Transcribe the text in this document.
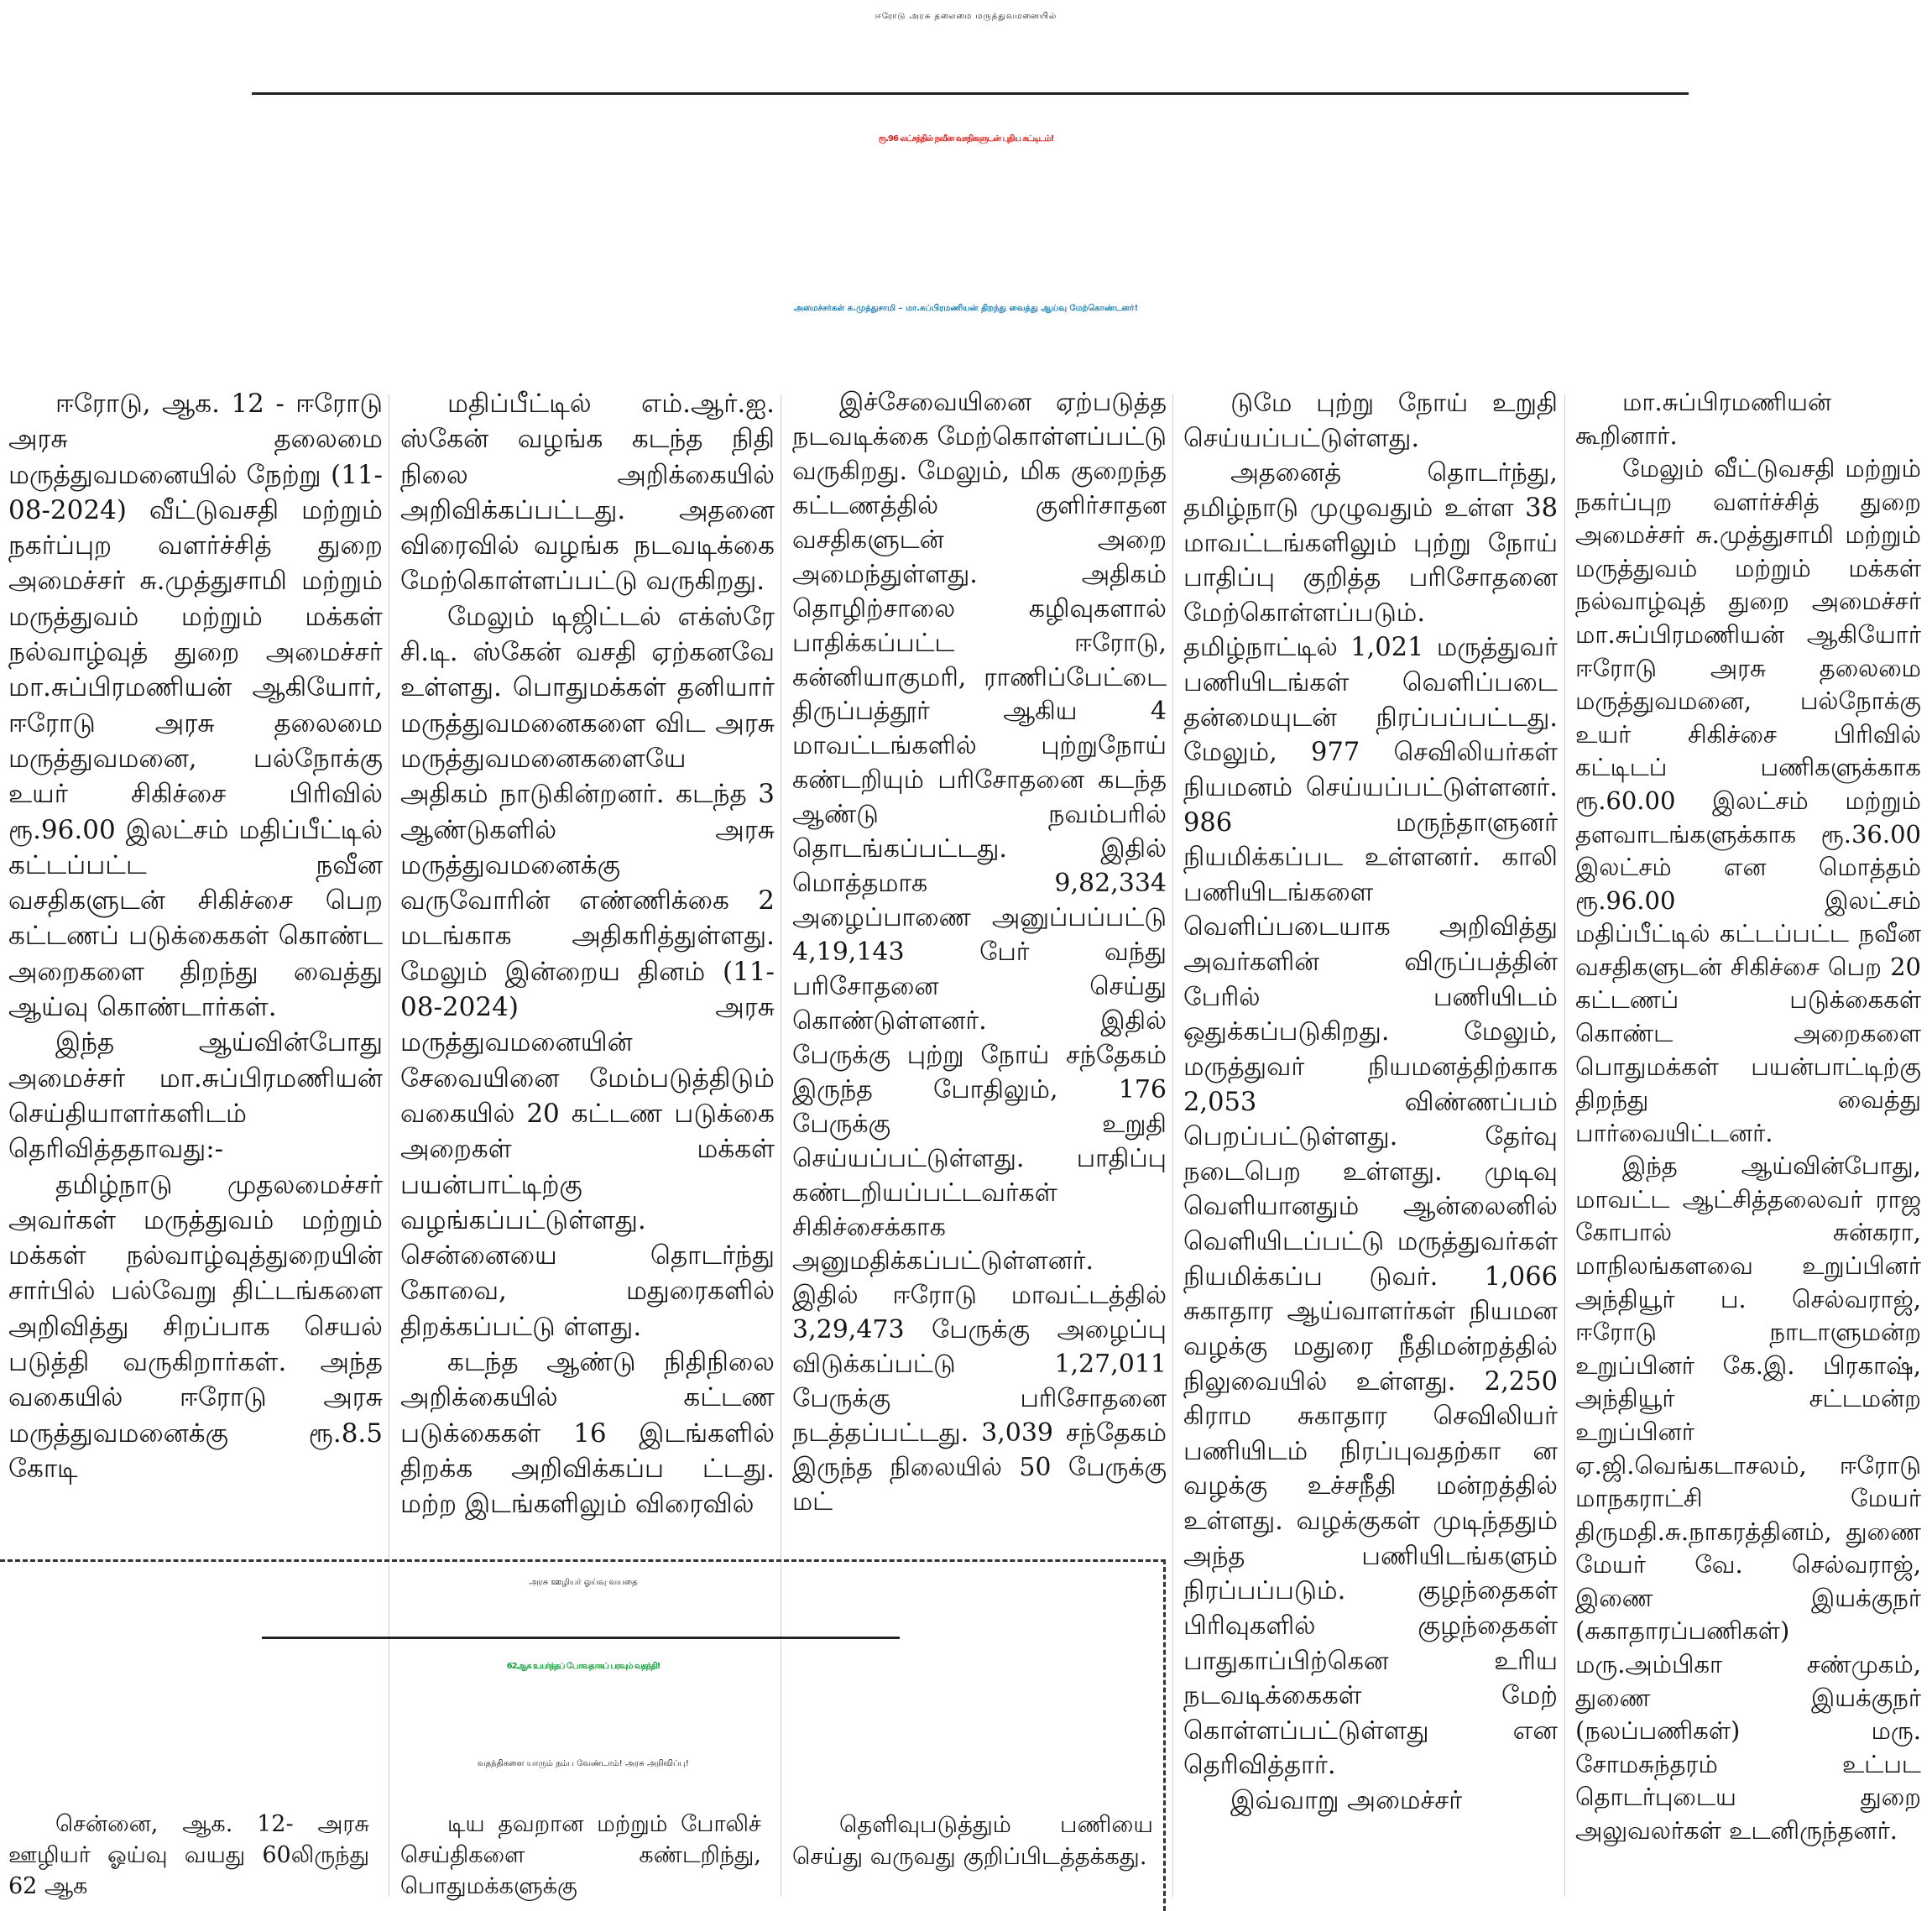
ஈரோடு அரசு தலைமை மருத்துவமனையில்
ரூ.96 லட்சத்தில் நவீன வசதிகளுடன் புதிய கட்டிடம்!
அமைச்சர்கள் சு.முத்துசாமி – மா.சுப்பிரமணியன் திறந்து வைத்து ஆய்வு மேற்கொண்டனர்!

ஈரோடு, ஆக. 12 - ஈரோடு அரசு தலைமை மருத்துவமனையில் நேற்று (11-08-2024) வீட்டுவசதி மற்றும் நகர்ப்புற வளர்ச்சித் துறை அமைச்சர் சு.முத்துசாமி மற்றும் மருத்துவம் மற்றும் மக்கள் நல்வாழ்வுத் துறை அமைச்சர் மா.சுப்பிரமணியன் ஆகியோர், ஈரோடு அரசு தலைமை மருத்துவமனை, பல்நோக்கு உயர் சிகிச்சை பிரிவில் ரூ.96.00 இலட்சம் மதிப்பீட்டில் கட்டப்பட்ட நவீன வசதிகளுடன் சிகிச்சை பெற கட்டணப் படுக்கைகள் கொண்ட அறைகளை திறந்து வைத்து ஆய்வு கொண்டார்கள்.

இந்த ஆய்வின்போது அமைச்சர் மா.சுப்பிரமணியன் செய்தியாளர்களிடம் தெரிவித்ததாவது:-

தமிழ்நாடு முதலமைச்சர் அவர்கள் மருத்துவம் மற்றும் மக்கள் நல்வாழ்வுத்துறையின் சார்பில் பல்வேறு திட்டங்களை அறிவித்து சிறப்பாக செயல் படுத்தி வருகிறார்கள். அந்த வகையில் ஈரோடு அரசு மருத்துவமனைக்கு ரூ.8.5 கோடி

மதிப்பீட்டில் எம்.ஆர்.ஐ. ஸ்கேன் வழங்க கடந்த நிதி நிலை அறிக்கையில் அறிவிக்கப்பட்டது. அதனை விரைவில் வழங்க நடவடிக்கை மேற்கொள்ளப்பட்டு வருகிறது.

மேலும் டிஜிட்டல் எக்ஸ்ரே சி.டி. ஸ்கேன் வசதி ஏற்கனவே உள்ளது. பொதுமக்கள் தனியார் மருத்துவமனைகளை விட அரசு மருத்துவமனைகளையே அதிகம் நாடுகின்றனர். கடந்த 3 ஆண்டுகளில் அரசு மருத்துவமனைக்கு வருவோரின் எண்ணிக்கை 2 மடங்காக அதிகரித்துள்ளது. மேலும் இன்றைய தினம் (11-08-2024) அரசு மருத்துவமனையின் சேவையினை மேம்படுத்திடும் வகையில் 20 கட்டண படுக்கை அறைகள் மக்கள் பயன்பாட்டிற்கு வழங்கப்பட்டுள்ளது. சென்னையை தொடர்ந்து கோவை, மதுரைகளில் திறக்கப்பட்டு ள்ளது.

கடந்த ஆண்டு நிதிநிலை அறிக்கையில் கட்டண படுக்கைகள் 16 இடங்களில் திறக்க அறிவிக்கப்ப ட்டது. மற்ற இடங்களிலும் விரைவில்

இச்சேவையினை ஏற்படுத்த நடவடிக்கை மேற்கொள்ளப்பட்டு வருகிறது. மேலும், மிக குறைந்த கட்டணத்தில் குளிர்சாதன வசதிகளுடன் அறை அமைந்துள்ளது. அதிகம் தொழிற்சாலை கழிவுகளால் பாதிக்கப்பட்ட ஈரோடு, கன்னியாகுமரி, ராணிப்பேட்டை திருப்பத்தூர் ஆகிய 4 மாவட்டங்களில் புற்றுநோய் கண்டறியும் பரிசோதனை கடந்த ஆண்டு நவம்பரில் தொடங்கப்பட்டது. இதில் மொத்தமாக 9,82,334 அழைப்பாணை அனுப்பப்பட்டு 4,19,143 பேர் வந்து பரிசோதனை செய்து கொண்டுள்ளனர். இதில் பேருக்கு புற்று நோய் சந்தேகம் இருந்த போதிலும், 176 பேருக்கு உறுதி செய்யப்பட்டுள்ளது. பாதிப்பு கண்டறியப்பட்டவர்கள் சிகிச்சைக்காக அனுமதிக்கப்பட்டுள்ளனர். இதில் ஈரோடு மாவட்டத்தில் 3,29,473 பேருக்கு அழைப்பு விடுக்கப்பட்டு 1,27,011 பேருக்கு பரிசோதனை நடத்தப்பட்டது. 3,039 சந்தேகம் இருந்த நிலையில் 50 பேருக்கு மட்

டுமே புற்று நோய் உறுதி செய்யப்பட்டுள்ளது.

அதனைத் தொடர்ந்து, தமிழ்நாடு முழுவதும் உள்ள 38 மாவட்டங்களிலும் புற்று நோய் பாதிப்பு குறித்த பரிசோதனை மேற்கொள்ளப்படும். தமிழ்நாட்டில் 1,021 மருத்துவர் பணியிடங்கள் வெளிப்படை தன்மையுடன் நிரப்பப்பட்டது. மேலும், 977 செவிலியர்கள் நியமனம் செய்யப்பட்டுள்ளனர். 986 மருந்தாளுனர் நியமிக்கப்பட உள்ளனர். காலி பணியிடங்களை வெளிப்படையாக அறிவித்து அவர்களின் விருப்பத்தின் பேரில் பணியிடம் ஒதுக்கப்படுகிறது. மேலும், மருத்துவர் நியமனத்திற்காக 2,053 விண்ணப்பம் பெறப்பட்டுள்ளது. தேர்வு நடைபெற உள்ளது. முடிவு வெளியானதும் ஆன்லைனில் வெளியிடப்பட்டு மருத்துவர்கள் நியமிக்கப்ப டுவர். 1,066 சுகாதார ஆய்வாளர்கள் நியமன வழக்கு மதுரை நீதிமன்றத்தில் நிலுவையில் உள்ளது. 2,250 கிராம சுகாதார செவிலியர் பணியிடம் நிரப்புவதற்கா ன வழக்கு உச்சநீதி மன்றத்தில் உள்ளது. வழக்குகள் முடிந்ததும் அந்த பணியிடங்களும் நிரப்பப்படும். குழந்தைகள் பிரிவுகளில் குழந்தைகள் பாதுகாப்பிற்கென உரிய நடவடிக்கைகள் மேற் கொள்ளப்பட்டுள்ளது என தெரிவித்தார்.

இவ்வாறு அமைச்சர்

மா.சுப்பிரமணியன் கூறினார்.

மேலும் வீட்டுவசதி மற்றும் நகர்ப்புற வளர்ச்சித் துறை அமைச்சர் சு.முத்துசாமி மற்றும் மருத்துவம் மற்றும் மக்கள் நல்வாழ்வுத் துறை அமைச்சர் மா.சுப்பிரமணியன் ஆகியோர் ஈரோடு அரசு தலைமை மருத்துவமனை, பல்நோக்கு உயர் சிகிச்சை பிரிவில் கட்டிடப் பணிகளுக்காக ரூ.60.00 இலட்சம் மற்றும் தளவாடங்களுக்காக ரூ.36.00 இலட்சம் என மொத்தம் ரூ.96.00 இலட்சம் மதிப்பீட்டில் கட்டப்பட்ட நவீன வசதிகளுடன் சிகிச்சை பெற 20 கட்டணப் படுக்கைகள் கொண்ட அறைகளை பொதுமக்கள் பயன்பாட்டிற்கு திறந்து வைத்து பார்வையிட்டனர்.

இந்த ஆய்வின்போது, மாவட்ட ஆட்சித்தலைவர் ராஜ கோபால் சுன்கரா, மாநிலங்களவை உறுப்பினர் அந்தியூர் ப. செல்வராஜ், ஈரோடு நாடாளுமன்ற உறுப்பினர் கே.இ. பிரகாஷ், அந்தியூர் சட்டமன்ற உறுப்பினர் ஏ.ஜி.வெங்கடாசலம், ஈரோடு மாநகராட்சி மேயர் திருமதி.சு.நாகரத்தினம், துணை மேயர் வே. செல்வராஜ், இணை இயக்குநர் (சுகாதாரப்பணிகள்) மரு.அம்பிகா சண்முகம், துணை இயக்குநர் (நலப்பணிகள்) மரு. சோமசுந்தரம் உட்பட தொடர்புடைய துறை அலுவலர்கள் உடனிருந்தனர்.

அரசு ஊழியர் ஓய்வு வயதை
62ஆக உயர்த்தப் போவதாகப் பரவும் வதந்தி!
வதந்திகளை யாரும் நம்ப வேண்டாம்! அரசு அறிவிப்பு!

சென்னை, ஆக. 12- அரசு ஊழியர் ஓய்வு வயது 60லிருந்து 62 ஆக

டிய தவறான மற்றும் போலிச் செய்திகளை கண்டறிந்து, பொதுமக்களுக்கு

தெளிவுபடுத்தும் பணியை செய்து வருவது குறிப்பிடத்தக்கது.
